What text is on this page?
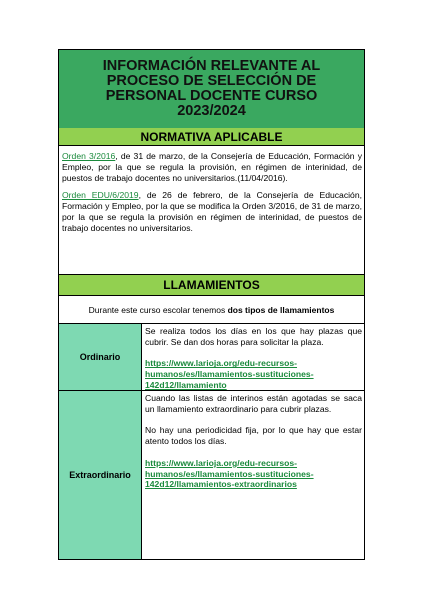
INFORMACIÓN RELEVANTE AL
PROCESO DE SELECCIÓN DE
PERSONAL DOCENTE CURSO
2023/2024
NORMATIVA APLICABLE

Orden 3/2016, de 31 de marzo, de la Consejería de Educación, Formación y Empleo, por la que se regula la provisión, en régimen de interinidad, de puestos de trabajo docentes no universitarios.(11/04/2016).

Orden EDU/6/2019, de 26 de febrero, de la Consejería de Educación, Formación y Empleo, por la que se modifica la Orden 3/2016, de 31 de marzo, por la que se regula la provisión en régimen de interinidad, de puestos de trabajo docentes no universitarios.

LLAMAMIENTOS
Durante este curso escolar tenemos
dos tipos de llamamientos
Ordinario

Se realiza todos los días en los que hay plazas que cubrir. Se dan dos horas para solicitar la plaza.

https://www.larioja.org/edu-recursos-
humanos/es/llamamientos-sustituciones-
142d12/llamamiento

Extraordinario

Cuando las listas de interinos están agotadas se saca un llamamiento extraordinario para cubrir plazas.

No hay una periodicidad fija, por lo que hay que estar atento todos los días.

https://www.larioja.org/edu-recursos-
humanos/es/llamamientos-sustituciones-
142d12/llamamientos-extraordinarios
